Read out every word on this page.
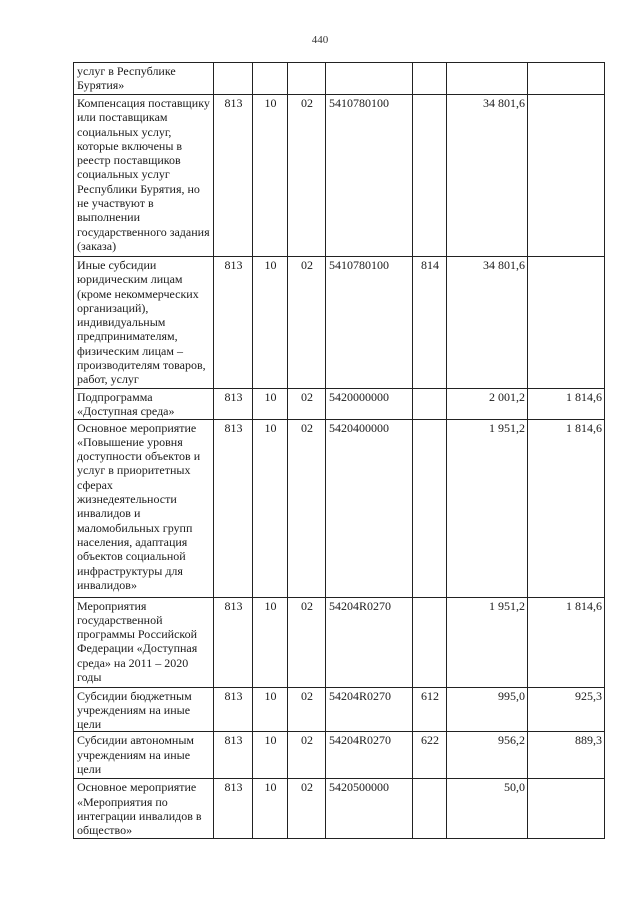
440
услуг в Республике Бурятия»							
Компенсация поставщику или поставщикам социальных услуг, которые включены в реестр поставщиков социальных услуг Республики Бурятия, но не участвуют в выполнении государственного задания (заказа)	813	10	02	5410780100		34 801,6	
Иные субсидии юридическим лицам (кроме некоммерческих организаций), индивидуальным предпринимателям, физическим лицам – производителям товаров, работ, услуг	813	10	02	5410780100	814	34 801,6	
Подпрограмма «Доступная среда»	813	10	02	5420000000		2 001,2	1 814,6
Основное мероприятие «Повышение уровня доступности объектов и услуг в приоритетных сферах жизнедеятельности инвалидов и маломобильных групп населения, адаптация объектов социальной инфраструктуры для инвалидов»	813	10	02	5420400000		1 951,2	1 814,6
Мероприятия государственной программы Российской Федерации «Доступная среда» на 2011 – 2020 годы	813	10	02	54204R0270		1 951,2	1 814,6
Субсидии бюджетным учреждениям на иные цели	813	10	02	54204R0270	612	995,0	925,3
Субсидии автономным учреждениям на иные цели	813	10	02	54204R0270	622	956,2	889,3
Основное мероприятие «Мероприятия по интеграции инвалидов в общество»	813	10	02	5420500000		50,0	
